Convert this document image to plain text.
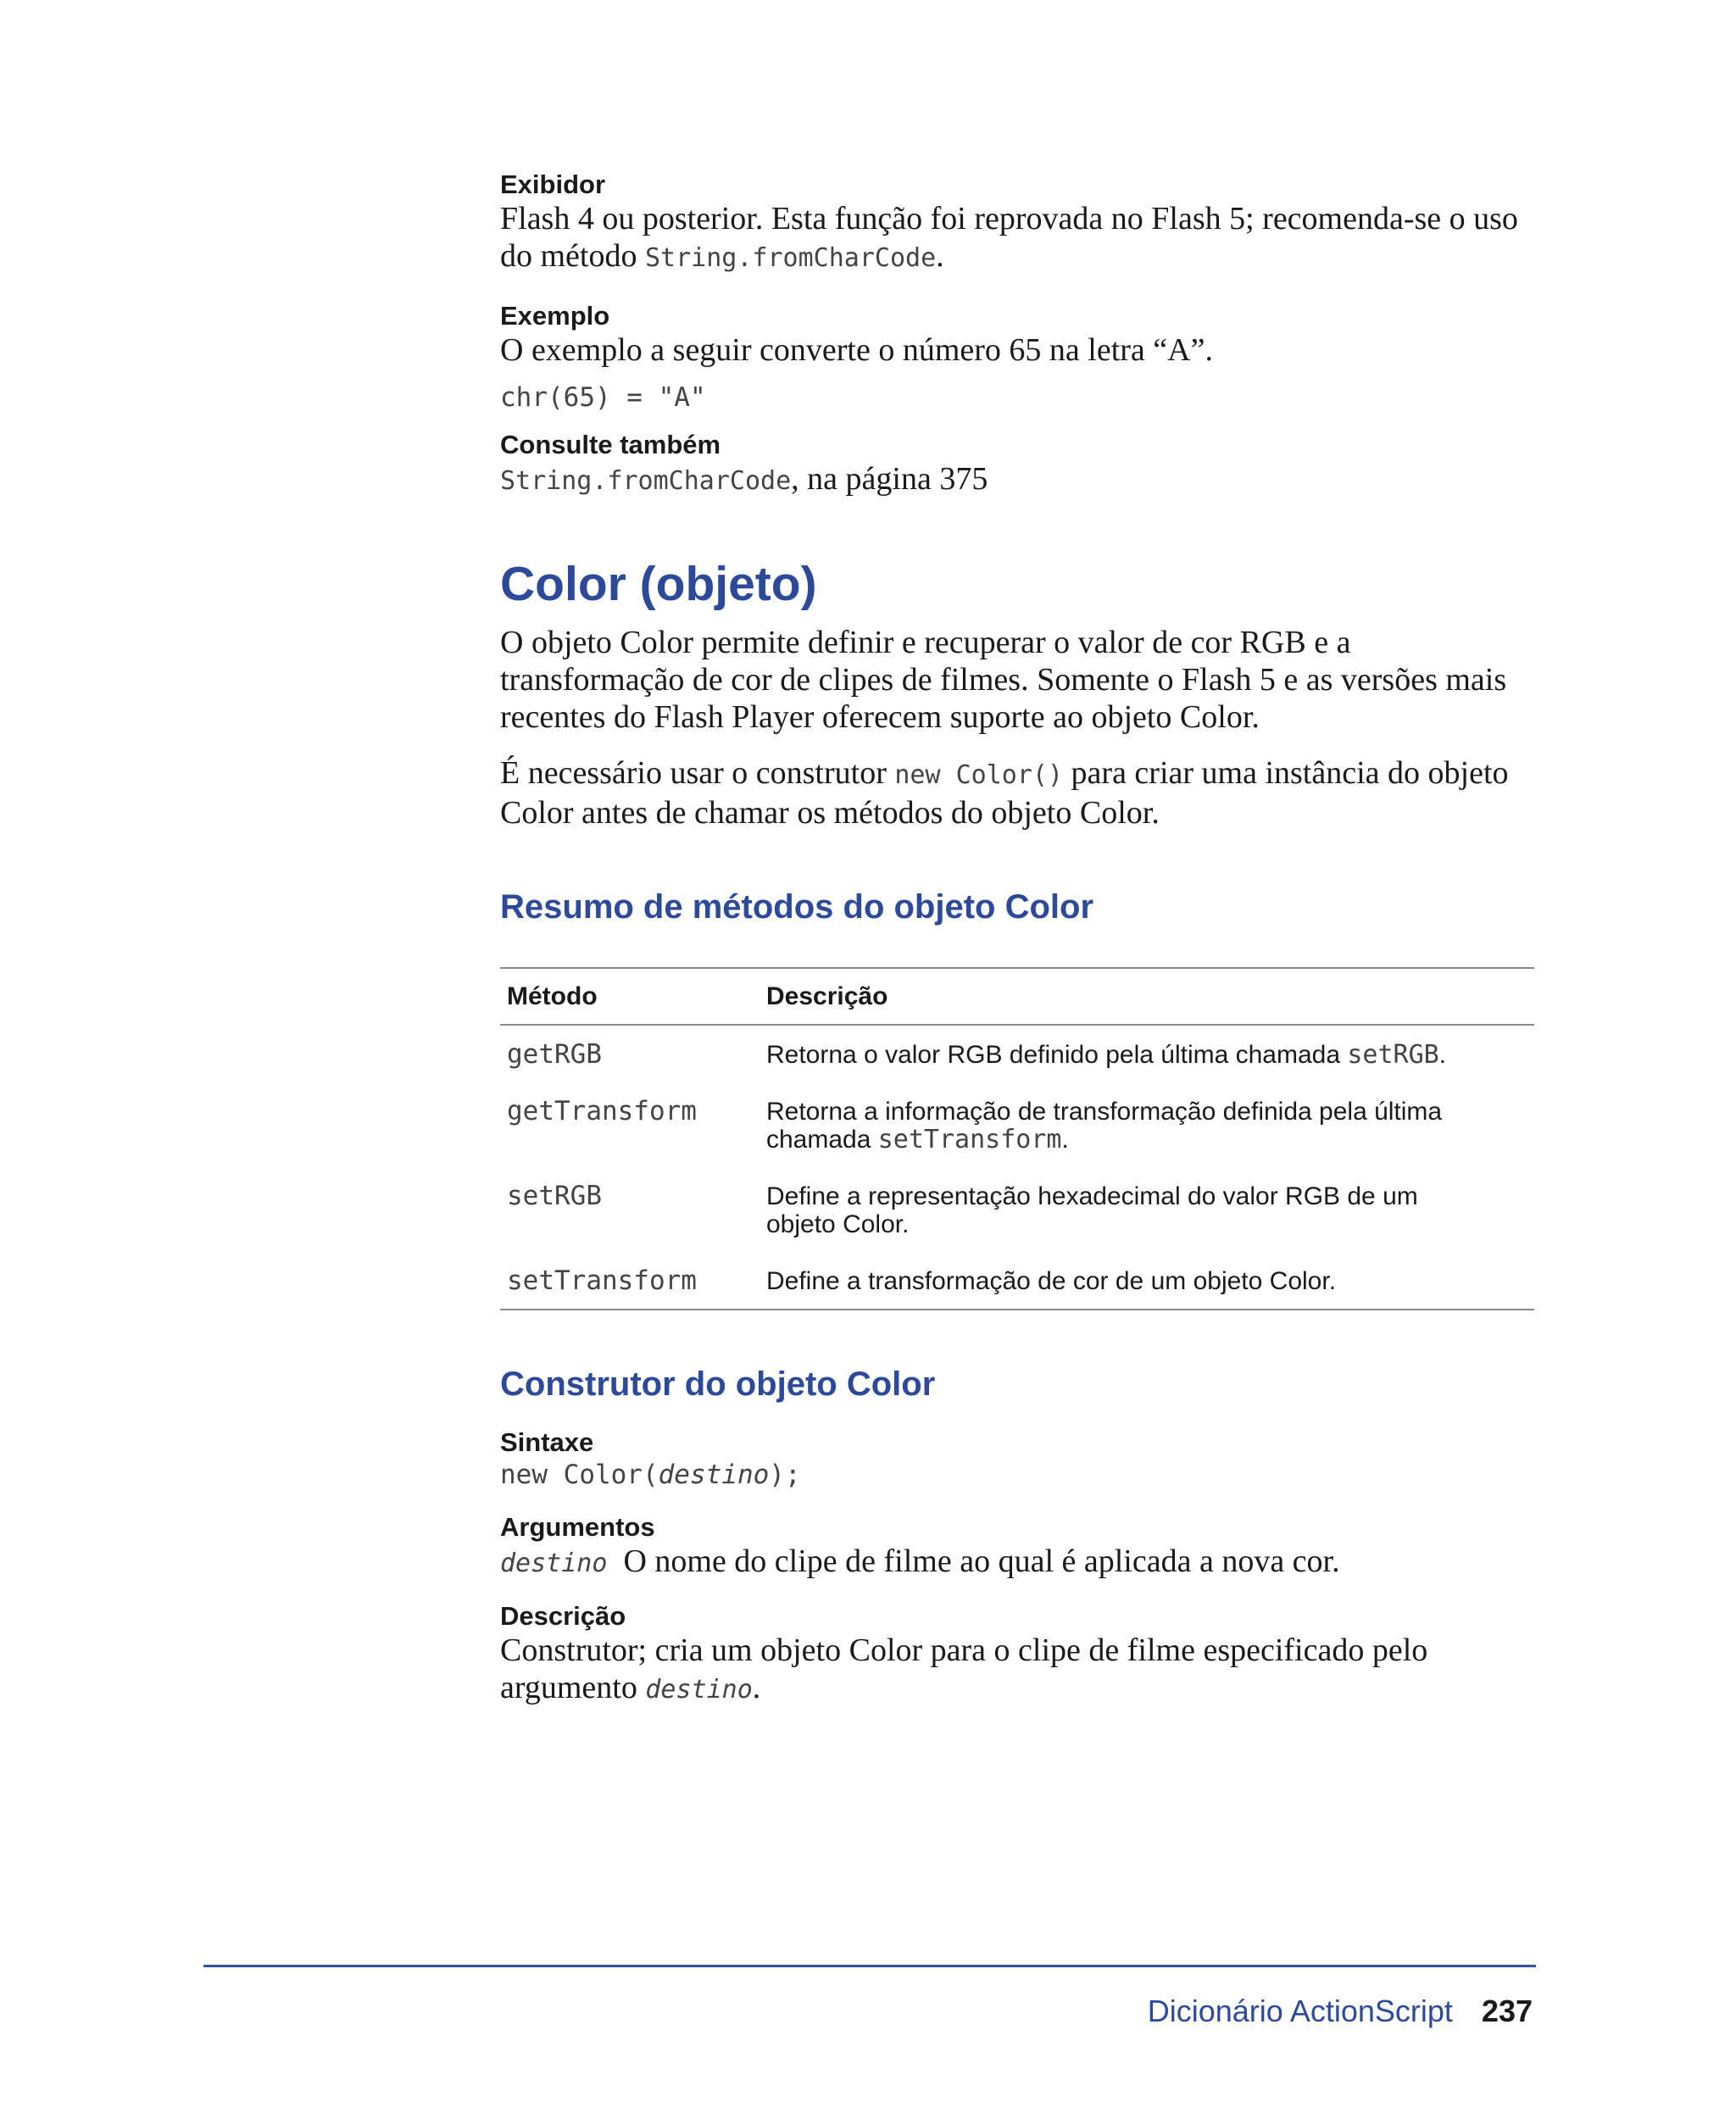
Exibidor

Flash 4 ou posterior. Esta função foi reprovada no Flash 5; recomenda-se o uso do método String.fromCharCode.

Exemplo

O exemplo a seguir converte o número 65 na letra “A”.

chr(65) = "A"

Consulte também

String.fromCharCode, na página 375

Color (objeto)

O objeto Color permite definir e recuperar o valor de cor RGB e a transformação de cor de clipes de filmes. Somente o Flash 5 e as versões mais recentes do Flash Player oferecem suporte ao objeto Color.

É necessário usar o construtor new Color() para criar uma instância do objeto Color antes de chamar os métodos do objeto Color.

Resumo de métodos do objeto Color
Método	Descrição
getRGB	Retorna o valor RGB definido pela última chamada setRGB.
getTransform	Retorna a informação de transformação definida pela última chamada setTransform.
setRGB	Define a representação hexadecimal do valor RGB de um objeto Color.
setTransform	Define a transformação de cor de um objeto Color.
Construtor do objeto Color

Sintaxe

new Color(destino);

Argumentos

destino  O nome do clipe de filme ao qual é aplicada a nova cor.

Descrição

Construtor; cria um objeto Color para o clipe de filme especificado pelo argumento destino.

Dicionário ActionScript 237
